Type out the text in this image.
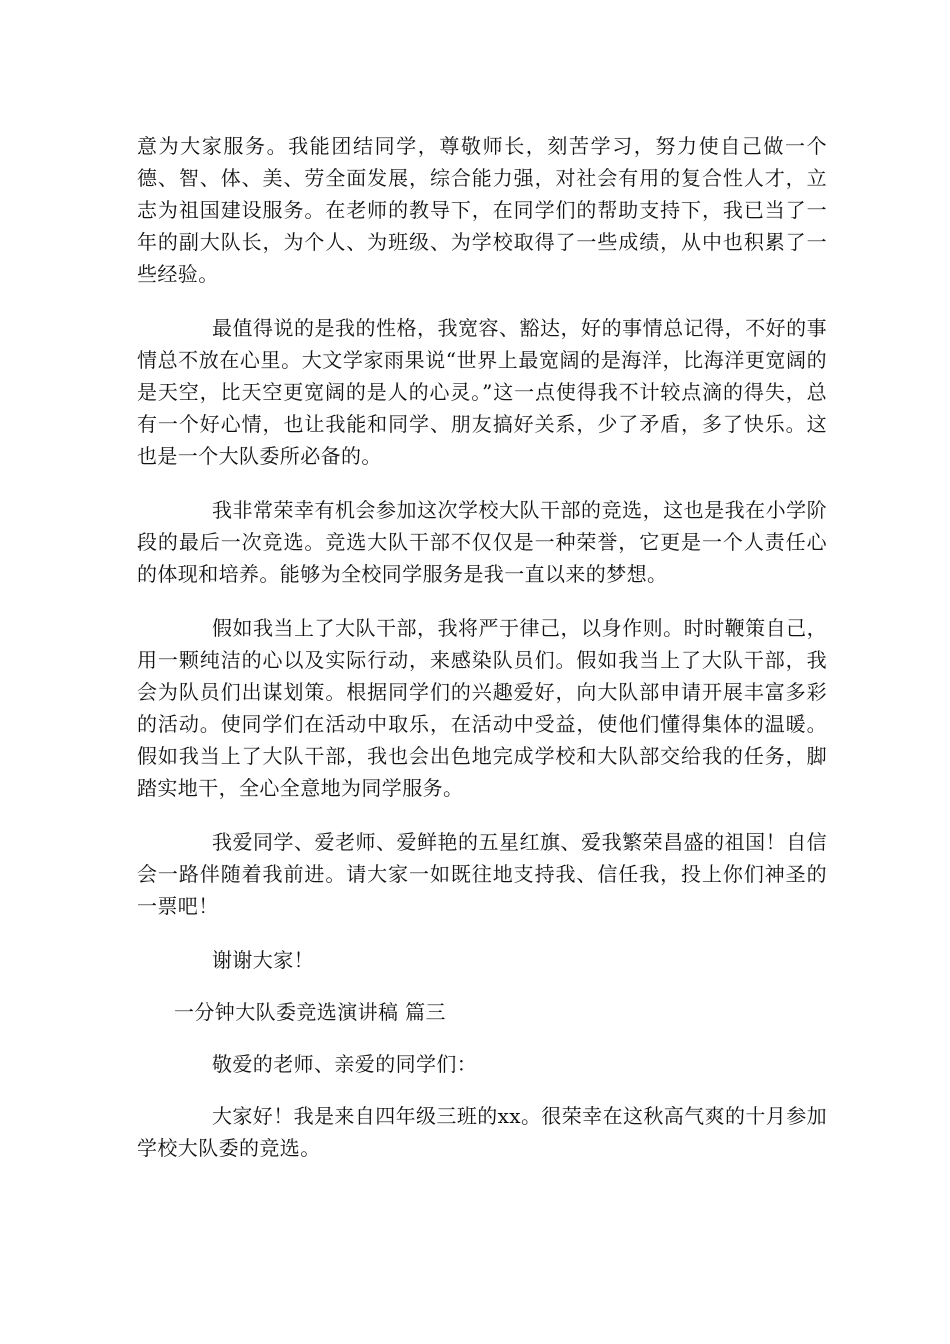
意为大家服务。我能团结同学，尊敬师长，刻苦学习，努力使自己做一个德、智、体、美、劳全面发展，综合能力强，对社会有用的复合性人才，立志为祖国建设服务。在老师的教导下，在同学们的帮助支持下，我已当了一年的副大队长，为个人、为班级、为学校取得了一些成绩，从中也积累了一些经验。

最值得说的是我的性格，我宽容、豁达，好的事情总记得，不好的事情总不放在心里。大文学家雨果说“世界上最宽阔的是海洋，比海洋更宽阔的是天空，比天空更宽阔的是人的心灵。”这一点使得我不计较点滴的得失，总有一个好心情，也让我能和同学、朋友搞好关系，少了矛盾，多了快乐。这也是一个大队委所必备的。

我非常荣幸有机会参加这次学校大队干部的竞选，这也是我在小学阶段的最后一次竞选。竞选大队干部不仅仅是一种荣誉，它更是一个人责任心的体现和培养。能够为全校同学服务是我一直以来的梦想。

假如我当上了大队干部，我将严于律己，以身作则。时时鞭策自己，用一颗纯洁的心以及实际行动，来感染队员们。假如我当上了大队干部，我会为队员们出谋划策。根据同学们的兴趣爱好，向大队部申请开展丰富多彩的活动。使同学们在活动中取乐，在活动中受益，使他们懂得集体的温暖。假如我当上了大队干部，我也会出色地完成学校和大队部交给我的任务，脚踏实地干，全心全意地为同学服务。

我爱同学、爱老师、爱鲜艳的五星红旗、爱我繁荣昌盛的祖国！自信会一路伴随着我前进。请大家一如既往地支持我、信任我，投上你们神圣的一票吧！

谢谢大家！

一分钟大队委竞选演讲稿 篇三

敬爱的老师、亲爱的同学们：

大家好！我是来自四年级三班的xx。很荣幸在这秋高气爽的十月参加学校大队委的竞选。
